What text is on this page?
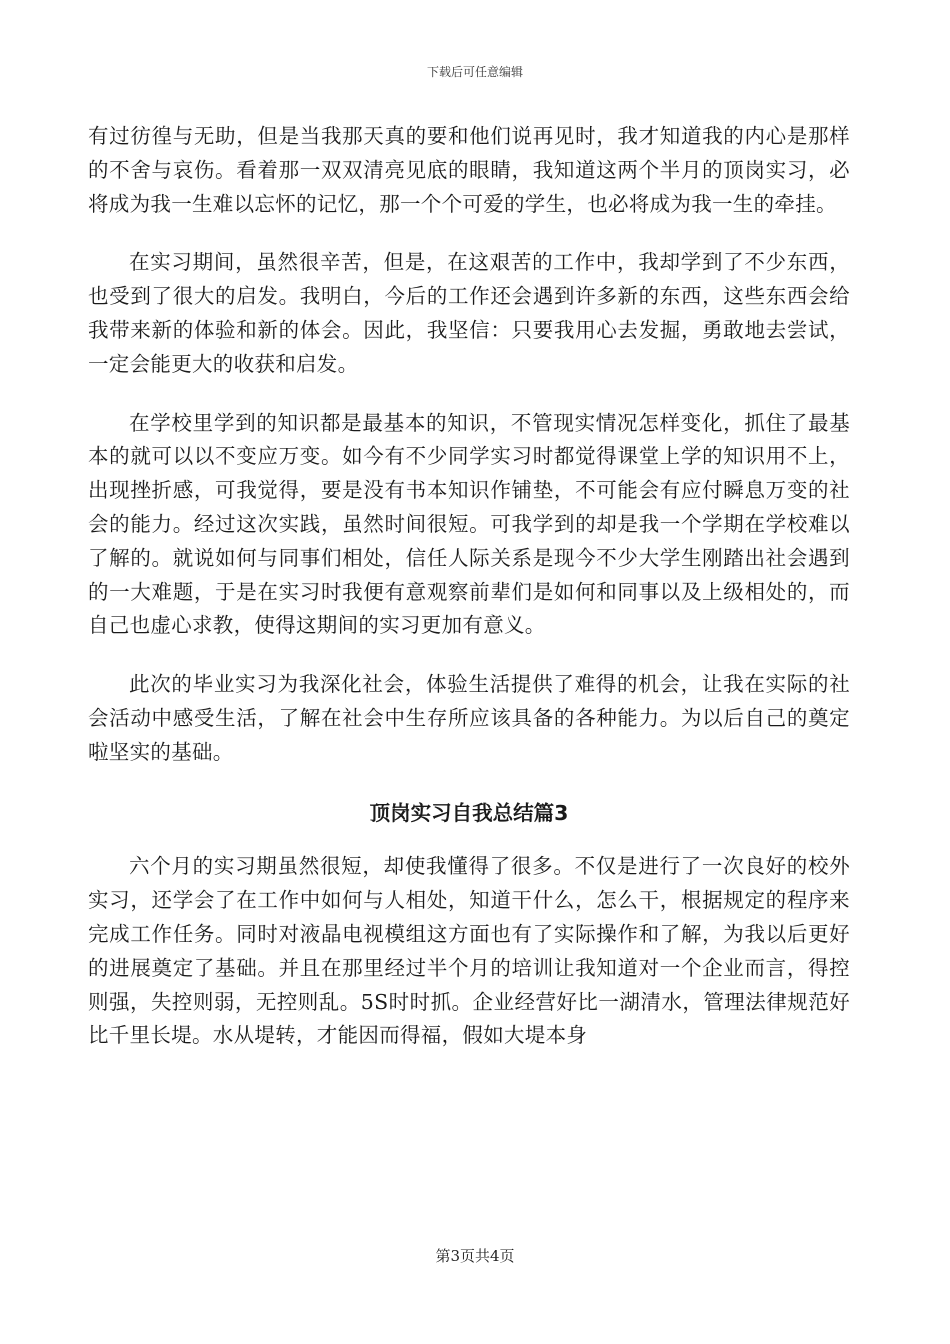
下载后可任意编辑

有过彷徨与无助，但是当我那天真的要和他们说再见时，我才知道我的内心是那样的不舍与哀伤。看着那一双双清亮见底的眼睛，我知道这两个半月的顶岗实习，必将成为我一生难以忘怀的记忆，那一个个可爱的学生，也必将成为我一生的牵挂。

在实习期间，虽然很辛苦，但是，在这艰苦的工作中，我却学到了不少东西，也受到了很大的启发。我明白，今后的工作还会遇到许多新的东西，这些东西会给我带来新的体验和新的体会。因此，我坚信：只要我用心去发掘，勇敢地去尝试，一定会能更大的收获和启发。

在学校里学到的知识都是最基本的知识，不管现实情况怎样变化，抓住了最基本的就可以以不变应万变。如今有不少同学实习时都觉得课堂上学的知识用不上，出现挫折感，可我觉得，要是没有书本知识作铺垫，不可能会有应付瞬息万变的社会的能力。经过这次实践，虽然时间很短。可我学到的却是我一个学期在学校难以了解的。就说如何与同事们相处，信任人际关系是现今不少大学生刚踏出社会遇到的一大难题，于是在实习时我便有意观察前辈们是如何和同事以及上级相处的，而自己也虚心求教，使得这期间的实习更加有意义。

此次的毕业实习为我深化社会，体验生活提供了难得的机会，让我在实际的社会活动中感受生活，了解在社会中生存所应该具备的各种能力。为以后自己的奠定啦坚实的基础。

顶岗实习自我总结篇3

六个月的实习期虽然很短，却使我懂得了很多。不仅是进行了一次良好的校外实习，还学会了在工作中如何与人相处，知道干什么，怎么干，根据规定的程序来完成工作任务。同时对液晶电视模组这方面也有了实际操作和了解，为我以后更好的进展奠定了基础。并且在那里经过半个月的培训让我知道对一个企业而言，得控则强，失控则弱，无控则乱。5S时时抓。企业经营好比一湖清水，管理法律规范好比千里长堤。水从堤转，才能因而得福，假如大堤本身

第3页共4页
